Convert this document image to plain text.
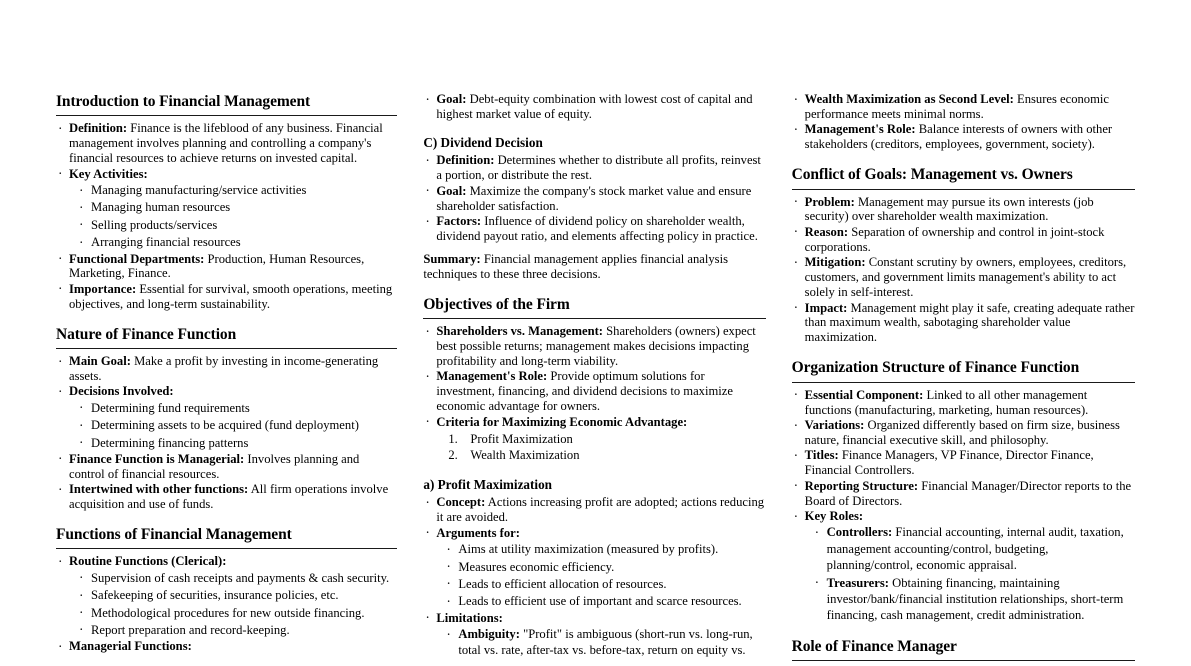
Introduction to Financial Management
· Definition: Finance is the lifeblood of any business. Financial management involves planning and controlling a company's financial resources to achieve returns on invested capital.
· Key Activities:
· Managing manufacturing/service activities
· Managing human resources
· Selling products/services
· Arranging financial resources
· Functional Departments: Production, Human Resources, Marketing, Finance.
· Importance: Essential for survival, smooth operations, meeting objectives, and long-term sustainability.
Nature of Finance Function
· Main Goal: Make a profit by investing in income-generating assets.
· Decisions Involved:
· Determining fund requirements
· Determining assets to be acquired (fund deployment)
· Determining financing patterns
· Finance Function is Managerial: Involves planning and control of financial resources.
· Intertwined with other functions: All firm operations involve acquisition and use of funds.
Functions of Financial Management
· Routine Functions (Clerical):
· Supervision of cash receipts and payments & cash security.
· Safekeeping of securities, insurance policies, etc.
· Methodological procedures for new outside financing.
· Report preparation and record-keeping.
· Managerial Functions:
· Goal: Debt-equity combination with lowest cost of capital and highest market value of equity.
C) Dividend Decision
· Definition: Determines whether to distribute all profits, reinvest a portion, or distribute the rest.
· Goal: Maximize the company's stock market value and ensure shareholder satisfaction.
· Factors: Influence of dividend policy on shareholder wealth, dividend payout ratio, and elements affecting policy in practice.

Summary: Financial management applies financial analysis techniques to these three decisions.

Objectives of the Firm
· Shareholders vs. Management: Shareholders (owners) expect best possible returns; management makes decisions impacting profitability and long-term viability.
· Management's Role: Provide optimum solutions for investment, financing, and dividend decisions to maximize economic advantage for owners.
· Criteria for Maximizing Economic Advantage:
Profit Maximization
Wealth Maximization
a) Profit Maximization
· Concept: Actions increasing profit are adopted; actions reducing it are avoided.
· Arguments for:
· Aims at utility maximization (measured by profits).
· Measures economic efficiency.
· Leads to efficient allocation of resources.
· Leads to efficient use of important and scarce resources.
· Limitations:
· Ambiguity: "Profit" is ambiguous (short-run vs. long-run, total vs. rate, after-tax vs. before-tax, return on equity vs.
· Wealth Maximization as Second Level: Ensures economic performance meets minimal norms.
· Management's Role: Balance interests of owners with other stakeholders (creditors, employees, government, society).
Conflict of Goals: Management vs. Owners
· Problem: Management may pursue its own interests (job security) over shareholder wealth maximization.
· Reason: Separation of ownership and control in joint-stock corporations.
· Mitigation: Constant scrutiny by owners, employees, creditors, customers, and government limits management's ability to act solely in self-interest.
· Impact: Management might play it safe, creating adequate rather than maximum wealth, sabotaging shareholder value maximization.
Organization Structure of Finance Function
· Essential Component: Linked to all other management functions (manufacturing, marketing, human resources).
· Variations: Organized differently based on firm size, business nature, financial executive skill, and philosophy.
· Titles: Finance Managers, VP Finance, Director Finance, Financial Controllers.
· Reporting Structure: Financial Manager/Director reports to the Board of Directors.
· Key Roles:
· Controllers: Financial accounting, internal audit, taxation, management accounting/control, budgeting, planning/control, economic appraisal.
· Treasurers: Obtaining financing, maintaining investor/bank/financial institution relationships, short-term financing, cash management, credit administration.
Role of Finance Manager
